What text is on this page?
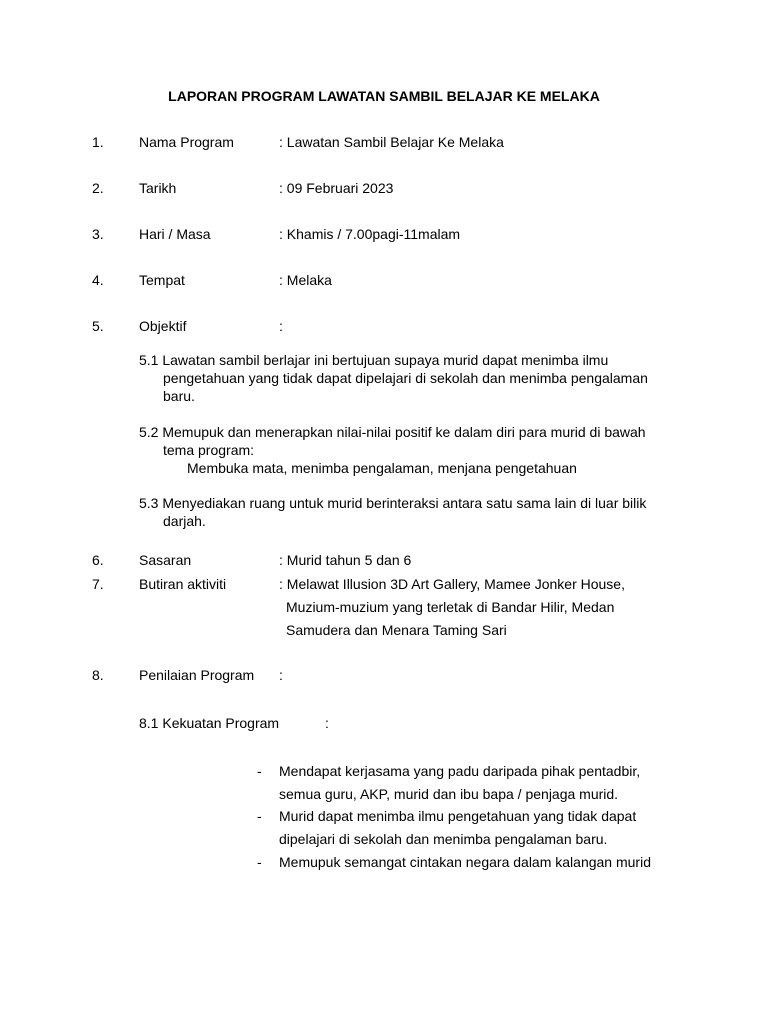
LAPORAN PROGRAM LAWATAN SAMBIL BELAJAR KE MELAKA
1.	Nama Program	: Lawatan Sambil Belajar Ke Melaka
2.	Tarikh	: 09 Februari 2023
3.	Hari / Masa	: Khamis / 7.00pagi-11malam
4.	Tempat	: Melaka
5.	Objektif	:
5.1 Lawatan sambil berlajar ini bertujuan supaya murid dapat menimba ilmu
pengetahuan yang tidak dapat dipelajari di sekolah dan menimba pengalaman
baru.
5.2 Memupuk dan menerapkan nilai-nilai positif ke dalam diri para murid di bawah
tema program:
Membuka mata, menimba pengalaman, menjana pengetahuan
5.3 Menyediakan ruang untuk murid berinteraksi antara satu sama lain di luar bilik
darjah.
6.	Sasaran	: Murid tahun 5 dan 6
7.	Butiran aktiviti	: Melawat Illusion 3D Art Gallery, Mamee Jonker House,
Muzium-muzium yang terletak di Bandar Hilir, Medan
Samudera dan Menara Taming Sari
8.	Penilaian Program :
8.1 Kekuatan Program	:
- Mendapat kerjasama yang padu daripada pihak pentadbir,
semua guru, AKP, murid dan ibu bapa / penjaga murid.
- Murid dapat menimba ilmu pengetahuan yang tidak dapat
dipelajari di sekolah dan menimba pengalaman baru.
- Memupuk semangat cintakan negara dalam kalangan murid
